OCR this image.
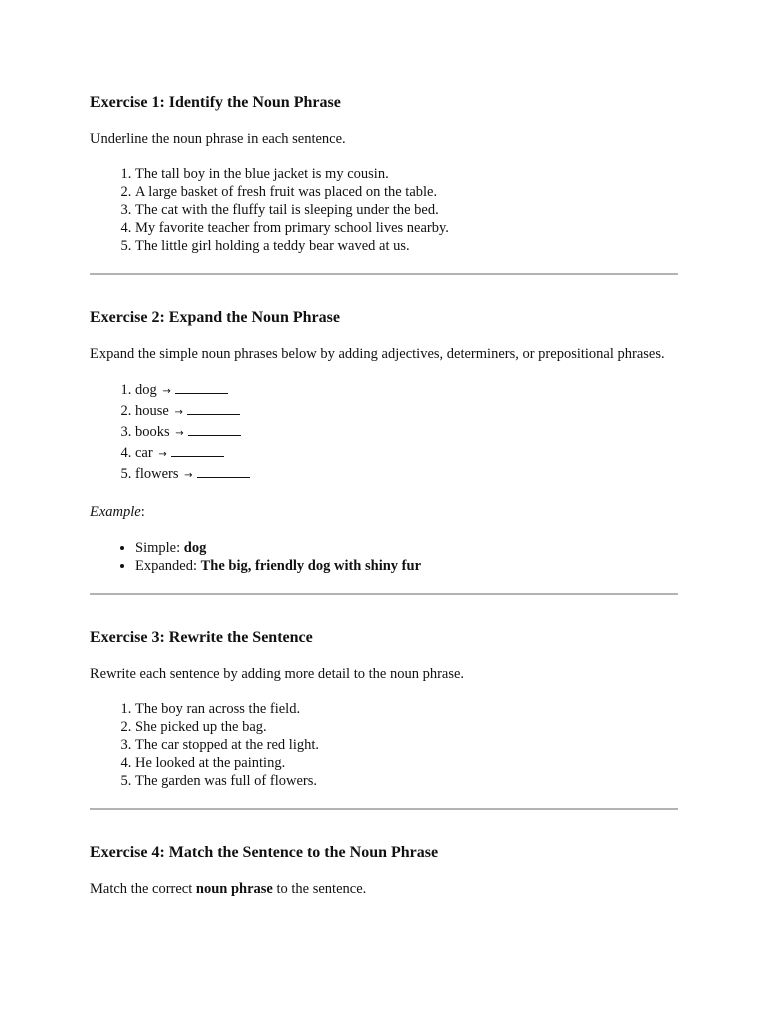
Exercise 1: Identify the Noun Phrase

Underline the noun phrase in each sentence.

1. The tall boy in the blue jacket is my cousin.
2. A large basket of fresh fruit was placed on the table.
3. The cat with the fluffy tail is sleeping under the bed.
4. My favorite teacher from primary school lives nearby.
5. The little girl holding a teddy bear waved at us.
Exercise 2: Expand the Noun Phrase

Expand the simple noun phrases below by adding adjectives, determiners, or prepositional phrases.

1. dog →
2. house →
3. books →
4. car →
5. flowers →

Example:

• Simple: dog
• Expanded: The big, friendly dog with shiny fur
Exercise 3: Rewrite the Sentence

Rewrite each sentence by adding more detail to the noun phrase.

1. The boy ran across the field.
2. She picked up the bag.
3. The car stopped at the red light.
4. He looked at the painting.
5. The garden was full of flowers.
Exercise 4: Match the Sentence to the Noun Phrase

Match the correct noun phrase to the sentence.
